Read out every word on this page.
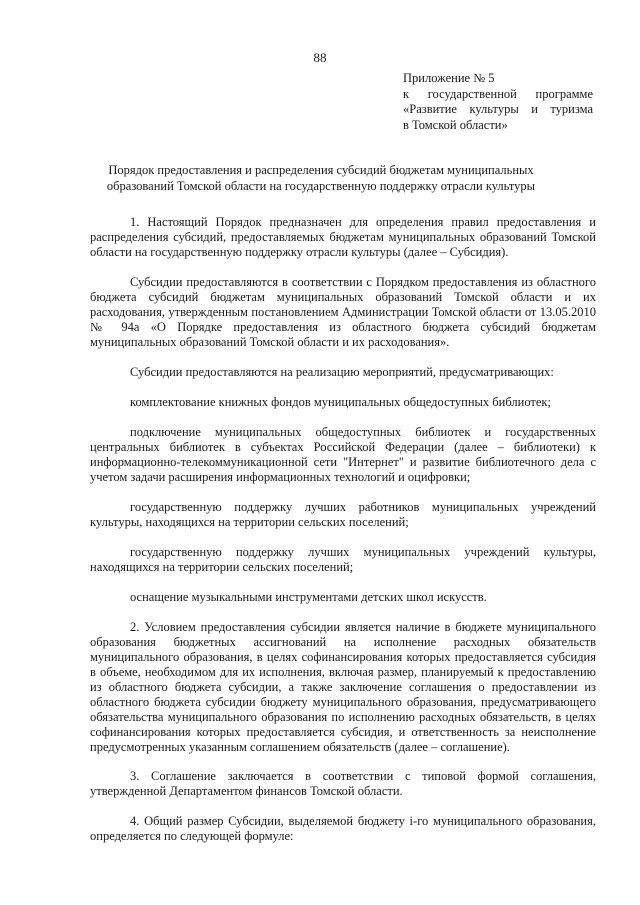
88
Приложение № 5
к государственной программе
«Развитие культуры и туризма
в Томской области»
Порядок предоставления и распределения субсидий бюджетам муниципальных образований Томской области на государственную поддержку отрасли культуры

1. Настоящий Порядок предназначен для определения правил предоставления и распределения субсидий, предоставляемых бюджетам муниципальных образований Томской области на государственную поддержку отрасли культуры (далее – Субсидия).

Субсидии предоставляются в соответствии с Порядком предоставления из областного бюджета субсидий бюджетам муниципальных образований Томской области и их расходования, утвержденным постановлением Администрации Томской области от 13.05.2010 № 94а «О Порядке предоставления из областного бюджета субсидий бюджетам муниципальных образований Томской области и их расходования».

Субсидии предоставляются на реализацию мероприятий, предусматривающих:

комплектование книжных фондов муниципальных общедоступных библиотек;

подключение муниципальных общедоступных библиотек и государственных центральных библиотек в субъектах Российской Федерации (далее – библиотеки) к информационно-телекоммуникационной сети "Интернет" и развитие библиотечного дела с учетом задачи расширения информационных технологий и оцифровки;

государственную поддержку лучших работников муниципальных учреждений культуры, находящихся на территории сельских поселений;

государственную поддержку лучших муниципальных учреждений культуры, находящихся на территории сельских поселений;

оснащение музыкальными инструментами детских школ искусств.

2. Условием предоставления субсидии является наличие в бюджете муниципального образования бюджетных ассигнований на исполнение расходных обязательств муниципального образования, в целях софинансирования которых предоставляется субсидия в объеме, необходимом для их исполнения, включая размер, планируемый к предоставлению из областного бюджета субсидии, а также заключение соглашения о предоставлении из областного бюджета субсидии бюджету муниципального образования, предусматривающего обязательства муниципального образования по исполнению расходных обязательств, в целях софинансирования которых предоставляется субсидия, и ответственность за неисполнение предусмотренных указанным соглашением обязательств (далее – соглашение).

3. Соглашение заключается в соответствии с типовой формой соглашения, утвержденной Департаментом финансов Томской области.

4. Общий размер Субсидии, выделяемой бюджету i-го муниципального образования, определяется по следующей формуле:
